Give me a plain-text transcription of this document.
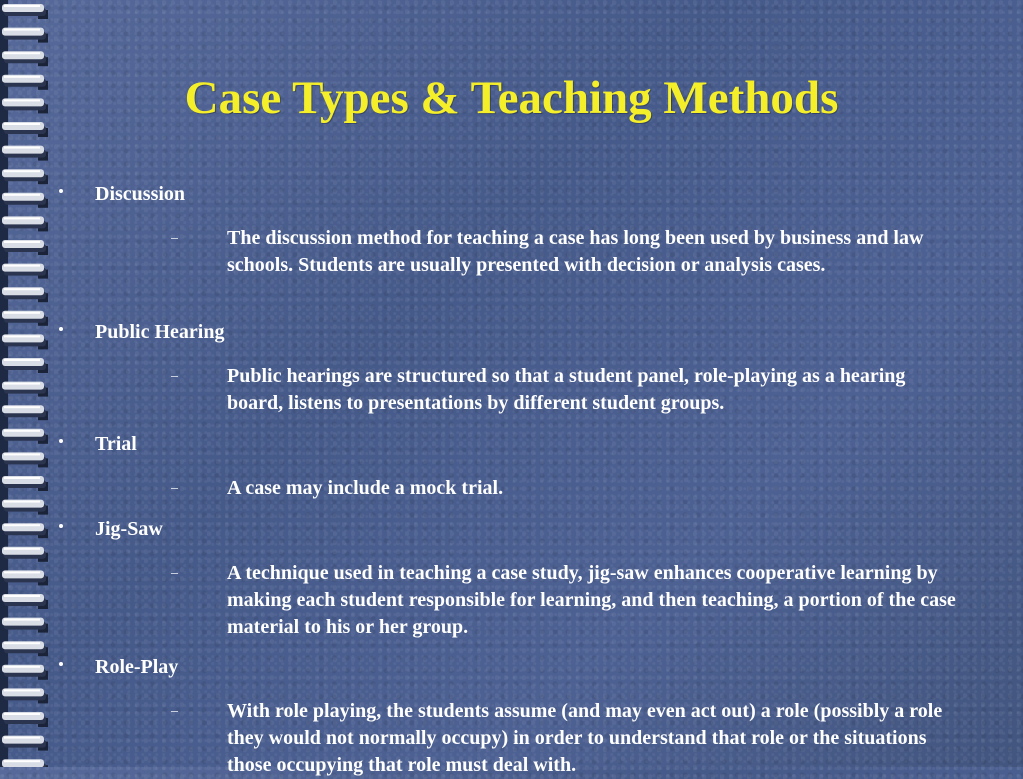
Case Types & Teaching Methods
Discussion
The discussion method for teaching a case has long been used by business and law schools. Students are usually presented with decision or analysis cases.
Public Hearing
Public hearings are structured so that a student panel, role-playing as a hearing board, listens to presentations by different student groups.
Trial
A case may include a mock trial.
Jig-Saw
A technique used in teaching a case study, jig-saw enhances cooperative learning by making each student responsible for learning, and then teaching, a portion of the case material to his or her group.
Role-Play
With role playing, the students assume (and may even act out) a role (possibly a role they would not normally occupy) in order to understand that role or the situations those occupying that role must deal with.
